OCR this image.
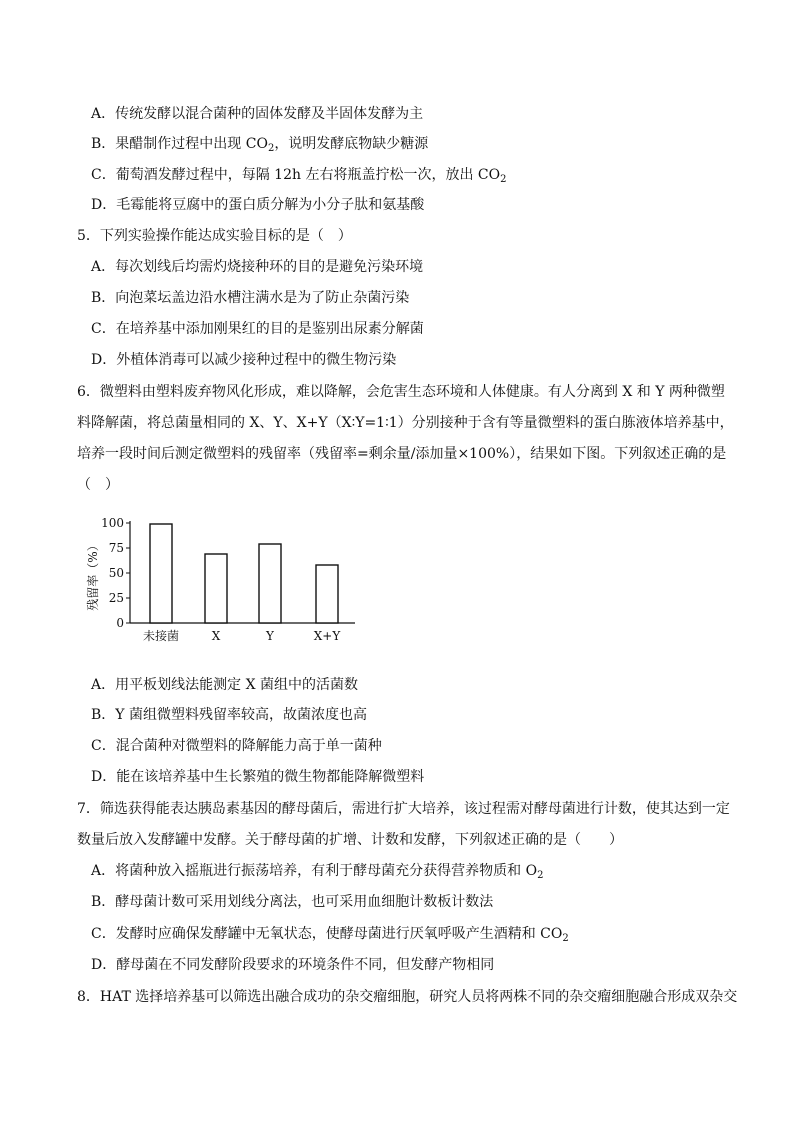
A．传统发酵以混合菌种的固体发酵及半固体发酵为主
B．果醋制作过程中出现 $CO_2$，说明发酵底物缺少糖源
C．葡萄酒发酵过程中，每隔 12h 左右将瓶盖拧松一次，放出 $CO_2$
D．毛霉能将豆腐中的蛋白质分解为小分子肽和氨基酸
5．下列实验操作能达成实验目标的是（　）
A．每次划线后均需灼烧接种环的目的是避免污染环境
B．向泡菜坛盖边沿水槽注满水是为了防止杂菌污染
C．在培养基中添加刚果红的目的是鉴别出尿素分解菌
D．外植体消毒可以减少接种过程中的微生物污染
6．微塑料由塑料废弃物风化形成，难以降解，会危害生态环境和人体健康。有人分离到 X 和 Y 两种微塑
料降解菌，将总菌量相同的 X、Y、X+Y（X∶Y=1∶1）分别接种于含有等量微塑料的蛋白胨液体培养基中，
培养一段时间后测定微塑料的残留率（残留率=剩余量/添加量×100%），结果如下图。下列叙述正确的是
（　）
残留率（%）
0
25
50
75
100
未接菌	X	Y	X+Y
A．用平板划线法能测定 X 菌组中的活菌数
B．Y 菌组微塑料残留率较高，故菌浓度也高
C．混合菌种对微塑料的降解能力高于单一菌种
D．能在该培养基中生长繁殖的微生物都能降解微塑料
7．筛选获得能表达胰岛素基因的酵母菌后，需进行扩大培养，该过程需对酵母菌进行计数，使其达到一定
数量后放入发酵罐中发酵。关于酵母菌的扩增、计数和发酵，下列叙述正确的是（　　）
A．将菌种放入摇瓶进行振荡培养，有利于酵母菌充分获得营养物质和 $O_2$
B．酵母菌计数可采用划线分离法，也可采用血细胞计数板计数法
C．发酵时应确保发酵罐中无氧状态，使酵母菌进行厌氧呼吸产生酒精和 $CO_2$
D．酵母菌在不同发酵阶段要求的环境条件不同，但发酵产物相同
8．HAT 选择培养基可以筛选出融合成功的杂交瘤细胞，研究人员将两株不同的杂交瘤细胞融合形成双杂交
